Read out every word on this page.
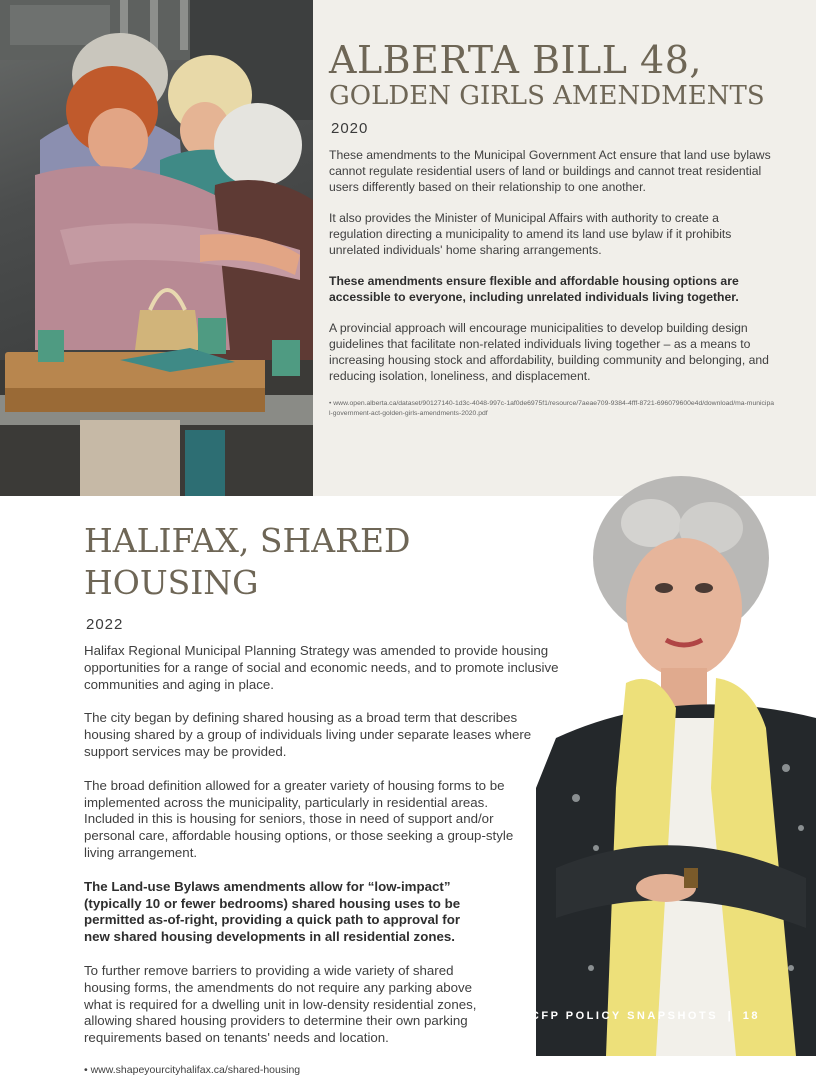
ALBERTA BILL 48,
GOLDEN GIRLS AMENDMENTS
2020

These amendments to the Municipal Government Act ensure that land use bylaws cannot regulate residential users of land or buildings and cannot treat residential users differently based on their relationship to one another.

It also provides the Minister of Municipal Affairs with authority to create a regulation directing a municipality to amend its land use bylaw if it prohibits unrelated individuals' home sharing arrangements.

These amendments ensure flexible and affordable housing options are accessible to everyone, including unrelated individuals living together.

A provincial approach will encourage municipalities to develop building design guidelines that facilitate non-related individuals living together – as a means to increasing housing stock and affordability, building community and belonging, and reducing isolation, loneliness, and displacement.

• www.open.alberta.ca/dataset/90127140-1d3c-4048-997c-1af0de6975f1/resource/7aeae709-9384-4fff-8721-696079600e4d/download/ma-municipal-government-act-golden-girls-amendments-2020.pdf
HALIFAX, SHARED HOUSING
2022

Halifax Regional Municipal Planning Strategy was amended to provide housing opportunities for a range of social and economic needs, and to promote inclusive communities and aging in place.

The city began by defining shared housing as a broad term that describes housing shared by a group of individuals living under separate leases where support services may be provided.

The broad definition allowed for a greater variety of housing forms to be implemented across the municipality, particularly in residential areas. Included in this is housing for seniors, those in need of support and/or personal care, affordable housing options, or those seeking a group-style living arrangement.

The Land-use Bylaws amendments allow for “low-impact” (typically 10 or fewer bedrooms) shared housing uses to be permitted as-of-right, providing a quick path to approval for new shared housing developments in all residential zones.

To further remove barriers to providing a wide variety of shared housing forms, the amendments do not require any parking above what is required for a dwelling unit in low-density residential zones, allowing shared housing providers to determine their own parking requirements based on tenants' needs and location.

• www.shapeyourcityhalifax.ca/shared-housing
CFP POLICY SNAPSHOTS | 18
